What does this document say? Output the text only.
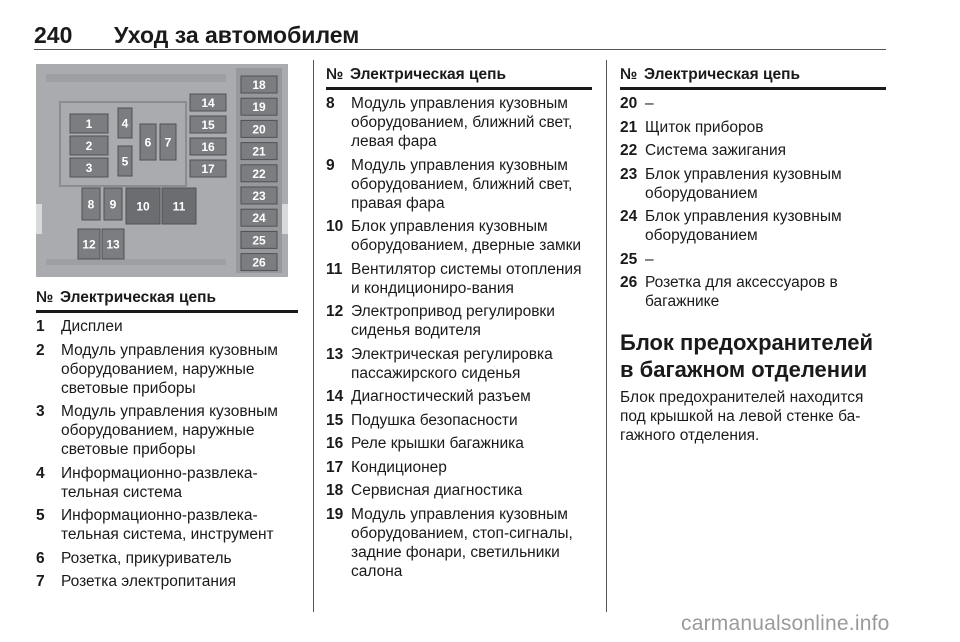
240 Уход за автомобилем
1
2
3
4
5
6 7
8 9 10 11
12 13
14
15
16
17
18
19
20
21
22
23
24
25
26
№ Электрическая цепь
1	Дисплеи
2	Модуль управления кузовным оборудованием, наружные световые приборы
3	Модуль управления кузовным оборудованием, наружные световые приборы
4	Информационно-развлека-тельная система
5	Информационно-развлека-тельная система, инструмент
6	Розетка, прикуриватель
7	Розетка электропитания
№ Электрическая цепь
8	Модуль управления кузовным оборудованием, ближний свет, левая фара
9	Модуль управления кузовным оборудованием, ближний свет, правая фара
10 Блок управления кузовным оборудованием, дверные замки
11 Вентилятор системы отопления и кондициониро-вания
12 Электропривод регулировки сиденья водителя
13 Электрическая регулировка пассажирского сиденья
14 Диагностический разъем
15 Подушка безопасности
16 Реле крышки багажника
17 Кондиционер
18 Сервисная диагностика
19 Модуль управления кузовным оборудованием, стоп-сигналы, задние фонари, светильники салона
№ Электрическая цепь
20 –
21 Щиток приборов
22 Система зажигания
23 Блок управления кузовным оборудованием
24 Блок управления кузовным оборудованием
25 –
26 Розетка для аксессуаров в багажнике
Блок предохранителей в багажном отделении
Блок предохранителей находится под крышкой на левой стенке ба-гажного отделения.
carmanualsonline.info
